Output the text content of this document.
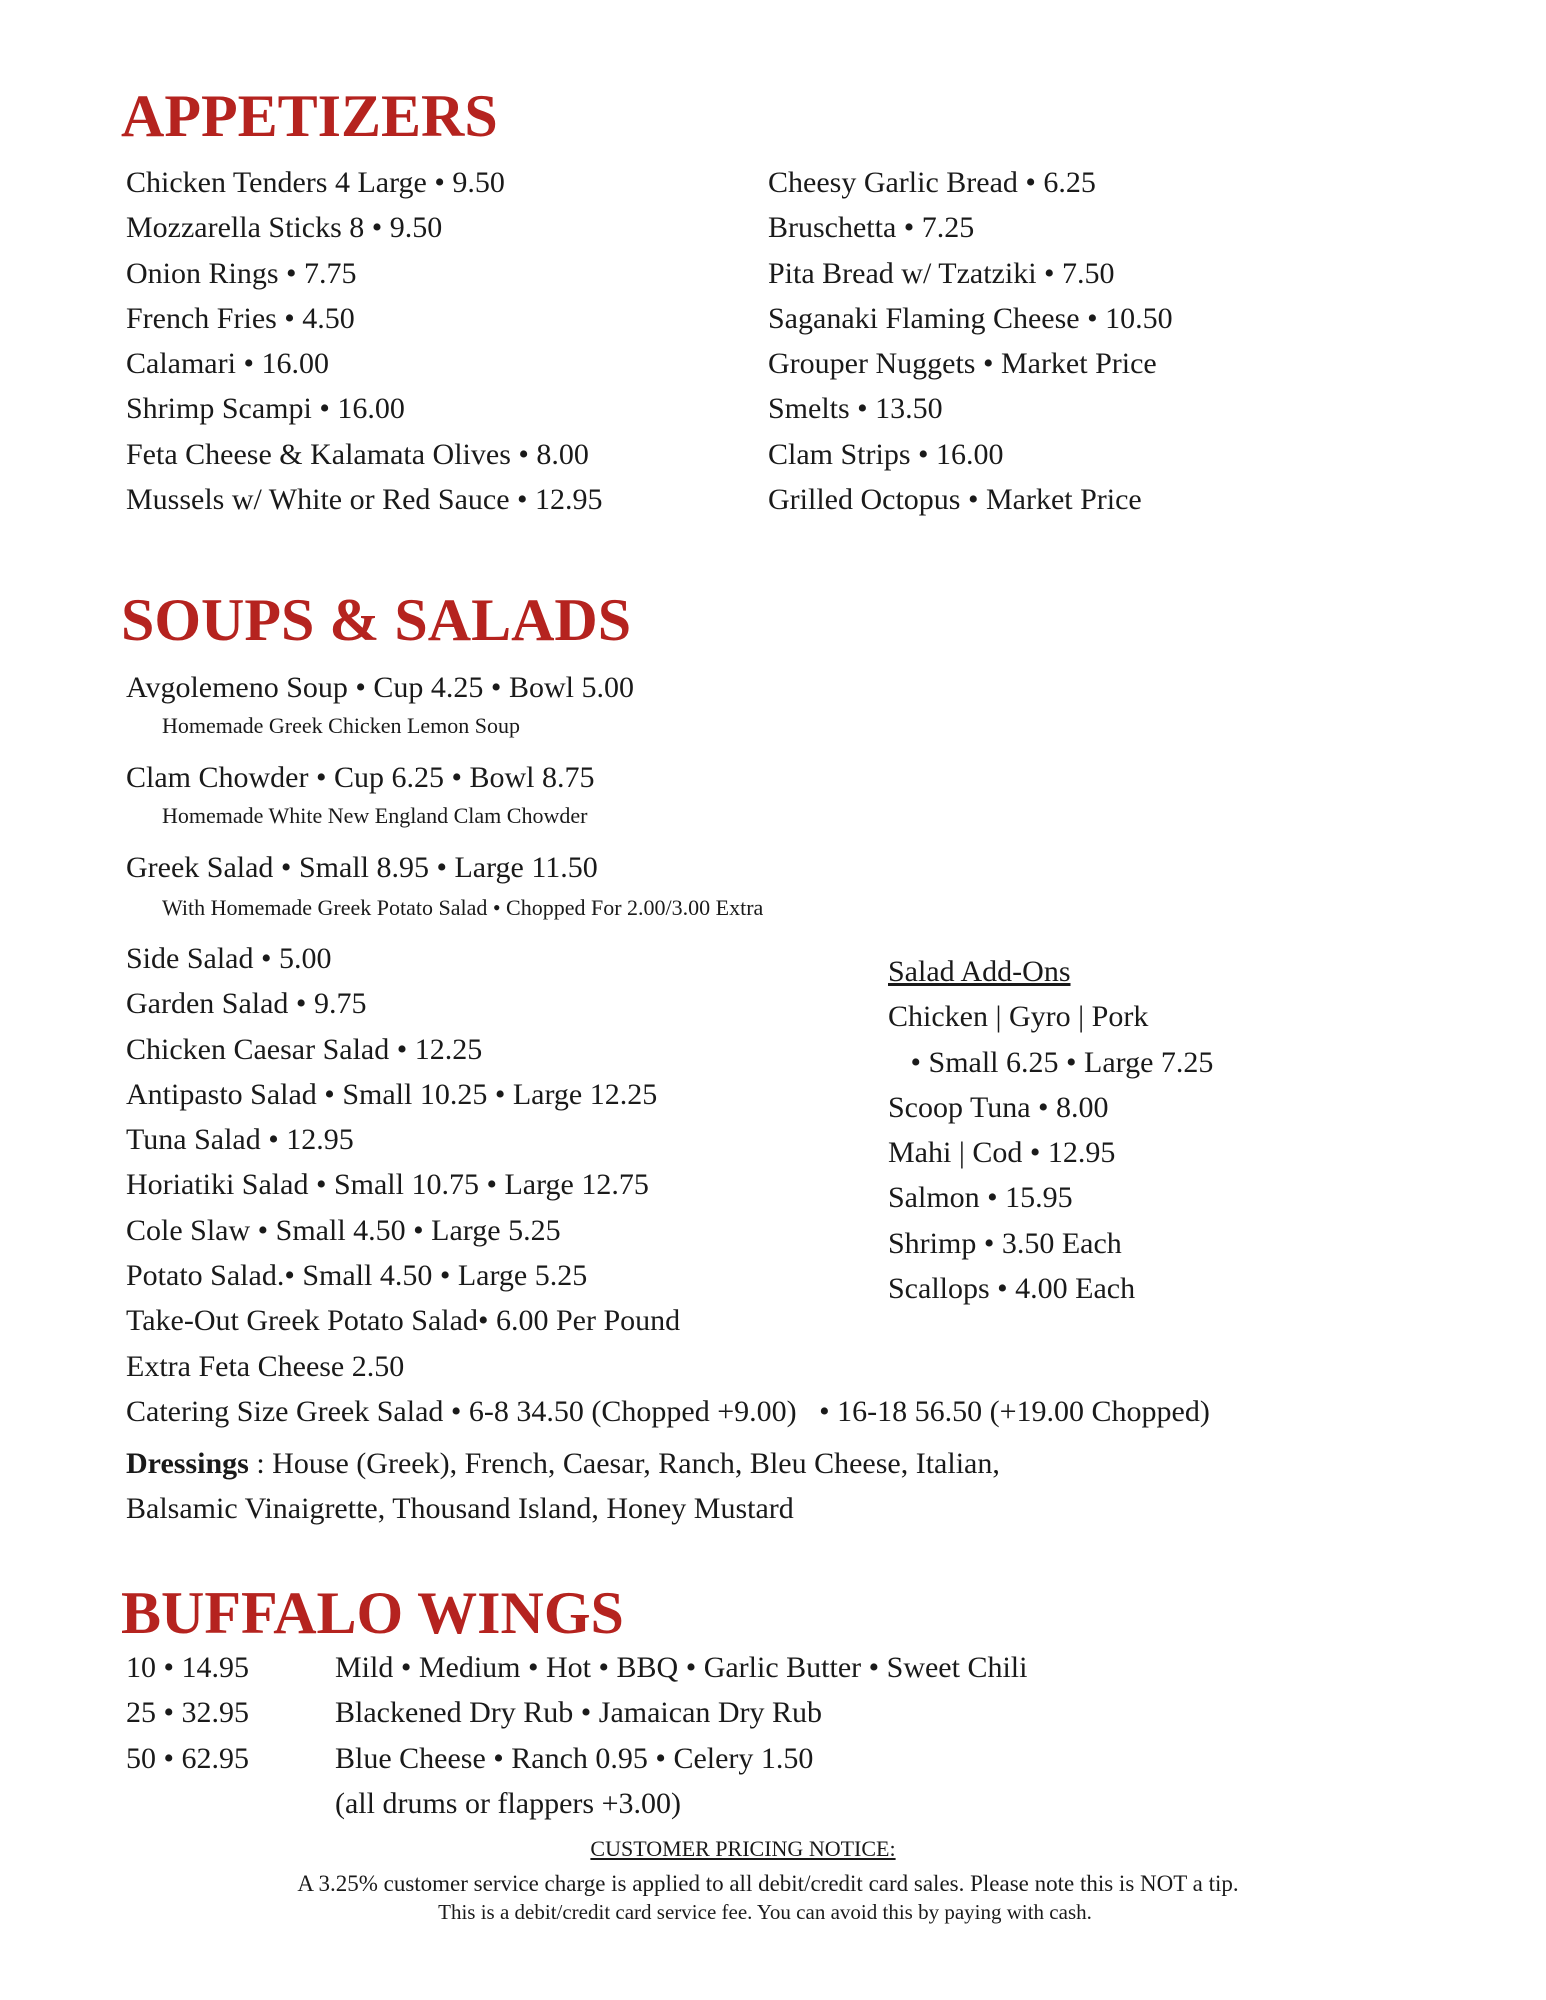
APPETIZERS
Chicken Tenders 4 Large • 9.50
Mozzarella Sticks 8 • 9.50
Onion Rings • 7.75
French Fries • 4.50
Calamari • 16.00
Shrimp Scampi • 16.00
Feta Cheese & Kalamata Olives • 8.00
Mussels w/ White or Red Sauce • 12.95
Cheesy Garlic Bread • 6.25
Bruschetta • 7.25
Pita Bread w/ Tzatziki • 7.50
Saganaki Flaming Cheese • 10.50
Grouper Nuggets • Market Price
Smelts • 13.50
Clam Strips • 16.00
Grilled Octopus • Market Price
SOUPS & SALADS
Avgolemeno Soup • Cup 4.25 • Bowl 5.00
Homemade Greek Chicken Lemon Soup
Clam Chowder • Cup 6.25 • Bowl 8.75
Homemade White New England Clam Chowder
Greek Salad • Small 8.95 • Large 11.50
With Homemade Greek Potato Salad • Chopped For 2.00/3.00 Extra
Side Salad • 5.00
Garden Salad • 9.75
Chicken Caesar Salad • 12.25
Antipasto Salad • Small 10.25 • Large 12.25
Tuna Salad • 12.95
Horiatiki Salad • Small 10.75 • Large 12.75
Cole Slaw • Small 4.50 • Large 5.25
Potato Salad.• Small 4.50 • Large 5.25
Take-Out Greek Potato Salad• 6.00 Per Pound
Extra Feta Cheese 2.50
Salad Add-Ons
Chicken | Gyro | Pork
• Small 6.25 • Large 7.25
Scoop Tuna • 8.00
Mahi | Cod • 12.95
Salmon • 15.95
Shrimp • 3.50 Each
Scallops • 4.00 Each
Catering Size Greek Salad • 6-8 34.50 (Chopped +9.00)   • 16-18 56.50 (+19.00 Chopped)
Dressings : House (Greek), French, Caesar, Ranch, Bleu Cheese, Italian,
Balsamic Vinaigrette, Thousand Island, Honey Mustard
BUFFALO WINGS
10 • 14.95
25 • 32.95
50 • 62.95
Mild • Medium • Hot • BBQ • Garlic Butter • Sweet Chili
Blackened Dry Rub • Jamaican Dry Rub
Blue Cheese • Ranch 0.95 • Celery 1.50
(all drums or flappers +3.00)
CUSTOMER PRICING NOTICE:
A 3.25% customer service charge is applied to all debit/credit card sales. Please note this is NOT a tip.
This is a debit/credit card service fee. You can avoid this by paying with cash.
